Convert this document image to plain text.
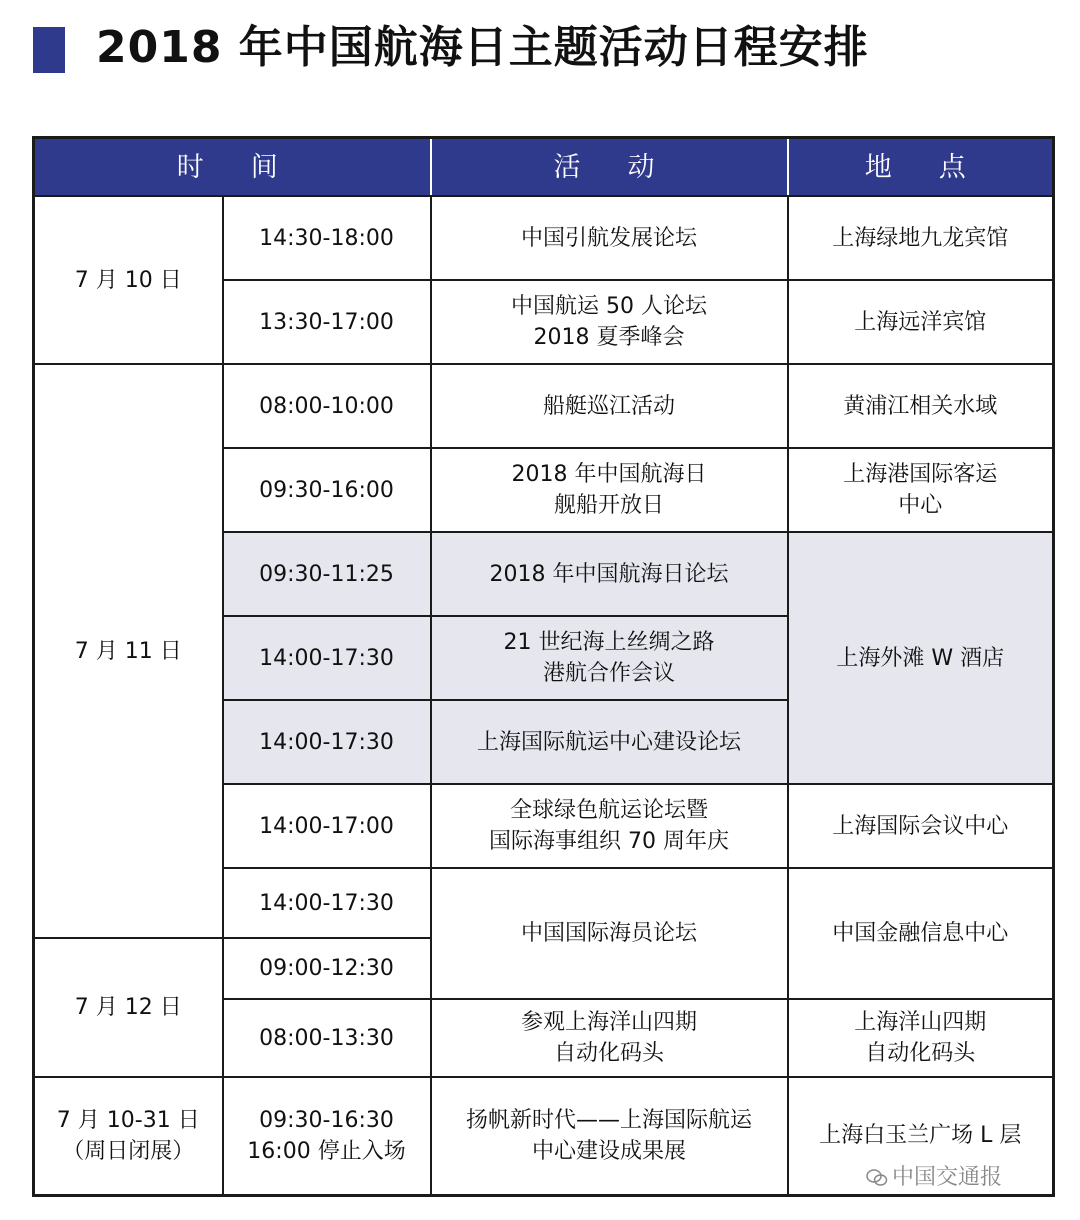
2018 年中国航海日主题活动日程安排
时　间		活　动	地　点
7 月 10 日	14:30-18:00	中国引航发展论坛	上海绿地九龙宾馆

	13:30-17:00	中国航运 50 人论坛
2018 夏季峰会	上海远洋宾馆

7 月 11 日	08:00-10:00	船艇巡江活动	黄浦江相关水域

	09:30-16:00	2018 年中国航海日
舰船开放日	上海港国际客运
中心

	09:30-11:25	2018 年中国航海日论坛	上海外滩 W 酒店

	14:00-17:30	21 世纪海上丝绸之路
港航合作会议	

	14:00-17:30	上海国际航运中心建设论坛	

	14:00-17:00	全球绿色航运论坛暨
国际海事组织 70 周年庆	上海国际会议中心

	14:00-17:30	中国国际海员论坛	中国金融信息中心

7 月 12 日	09:00-12:30		
	08:00-13:30	参观上海洋山四期
自动化码头	上海洋山四期
自动化码头

7 月 10-31 日
（周日闭展）	09:30-16:30
16:00 停止入场	扬帆新时代——上海国际航运
中心建设成果展	上海白玉兰广场 L 层
中国交通报
